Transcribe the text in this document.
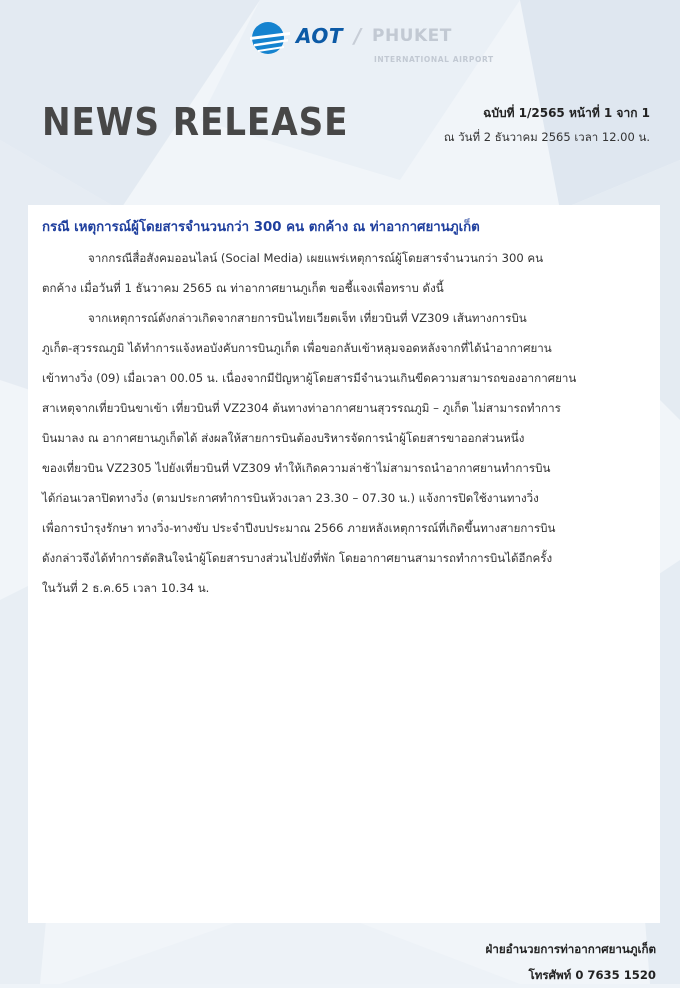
AOT / PHUKET
INTERNATIONAL AIRPORT
NEWS RELEASE	ฉบับที่ 1/2565 หน้าที่ 1 จาก 1
ณ วันที่ 2 ธันวาคม 2565 เวลา 12.00 น.
กรณี เหตุการณ์ผู้โดยสารจำนวนกว่า 300 คน ตกค้าง ณ ท่าอากาศยานภูเก็ต
จากกรณีสื่อสังคมออนไลน์ (Social Media) เผยแพร่เหตุการณ์ผู้โดยสารจำนวนกว่า 300 คน
ตกค้าง เมื่อวันที่ 1 ธันวาคม 2565 ณ ท่าอากาศยานภูเก็ต ขอชี้แจงเพื่อทราบ ดังนี้
จากเหตุการณ์ดังกล่าวเกิดจากสายการบินไทยเวียตเจ็ท เที่ยวบินที่ VZ309 เส้นทางการบิน
ภูเก็ต-สุวรรณภูมิ ได้ทำการแจ้งหอบังคับการบินภูเก็ต เพื่อขอกลับเข้าหลุมจอดหลังจากที่ได้นำอากาศยาน
เข้าทางวิ่ง (09) เมื่อเวลา 00.05 น. เนื่องจากมีปัญหาผู้โดยสารมีจำนวนเกินขีดความสามารถของอากาศยาน
สาเหตุจากเที่ยวบินขาเข้า เที่ยวบินที่ VZ2304 ต้นทางท่าอากาศยานสุวรรณภูมิ – ภูเก็ต ไม่สามารถทำการ
บินมาลง ณ อากาศยานภูเก็ตได้ ส่งผลให้สายการบินต้องบริหารจัดการนำผู้โดยสารขาออกส่วนหนึ่ง
ของเที่ยวบิน VZ2305 ไปยังเที่ยวบินที่ VZ309 ทำให้เกิดความล่าช้าไม่สามารถนำอากาศยานทำการบิน
ได้ก่อนเวลาปิดทางวิ่ง (ตามประกาศทำการบินห้วงเวลา 23.30 – 07.30 น.) แจ้งการปิดใช้งานทางวิ่ง
เพื่อการบำรุงรักษา ทางวิ่ง-ทางขับ ประจำปีงบประมาณ 2566 ภายหลังเหตุการณ์ที่เกิดขึ้นทางสายการบิน
ดังกล่าวจึงได้ทำการตัดสินใจนำผู้โดยสารบางส่วนไปยังที่พัก โดยอากาศยานสามารถทำการบินได้อีกครั้ง
ในวันที่ 2 ธ.ค.65 เวลา 10.34 น.
ฝ่ายอำนวยการท่าอากาศยานภูเก็ต
โทรศัพท์ 0 7635 1520
